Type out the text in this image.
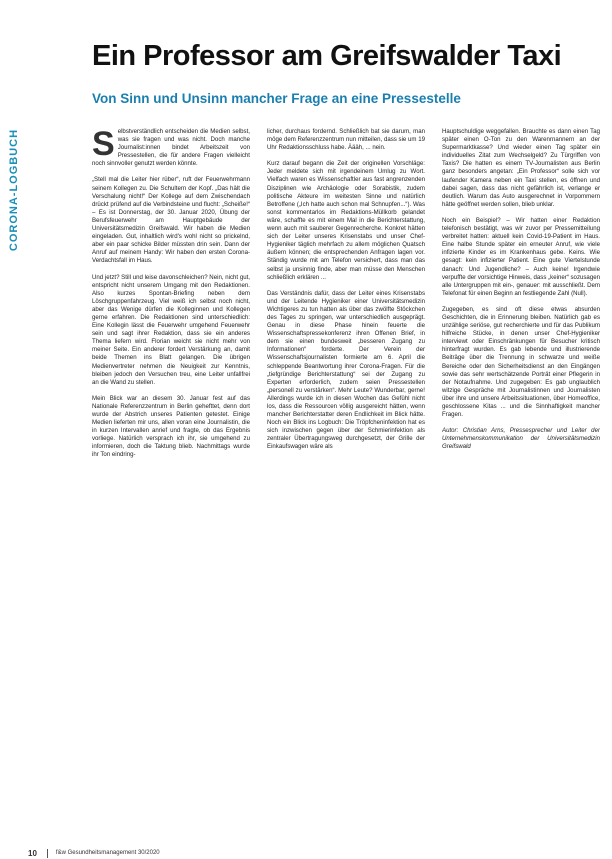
CORONA-LOGBUCH
Ein Professor am Greifswalder Taxi
Von Sinn und Unsinn mancher Frage an eine Pressestelle

Selbstverständlich entscheiden die Medien selbst, was sie fragen und was nicht. Doch manche Journalist:innen bindet Arbeitszeit von Pressestellen, die für andere Fragen vielleicht noch sinnvoller genutzt werden könnte.

„Stell mal die Leiter hier rüber“, ruft der Feuerwehrmann seinem Kollegen zu. Die Schultern der Kopf. „Das hält die Verschalung nicht!“ Der Kollege auf dem Zwischendach drückt prüfend auf die Verbindsteine und flucht: „Scheiße!“ – Es ist Donnerstag, der 30. Januar 2020, Übung der Berufsfeuerwehr am Hauptgebäude der Universitätsmedizin Greifswald. Wir haben die Medien eingeladen. Gut, inhaltlich wird's wohl nicht so prickelnd, aber ein paar schicke Bilder müssten drin sein. Dann der Anruf auf meinem Handy: Wir haben den ersten Corona-Verdachtsfall im Haus.

Und jetzt? Still und leise davonschleichen? Nein, nicht gut, entspricht nicht unserem Umgang mit den Redaktionen. Also kurzes Spontan-Briefing neben dem Löschgruppenfahrzeug. Viel weiß ich selbst noch nicht, aber das Wenige dürfen die Kolleginnen und Kollegen gerne erfahren. Die Redaktionen sind unterschiedlich: Eine Kollegin lässt die Feuerwehr umgehend Feuerwehr sein und sagt ihrer Redaktion, dass sie ein anderes Thema liefern wird. Florian weicht sie nicht mehr von meiner Seite. Ein anderer fordert Verstärkung an, damit beide Themen ins Blatt gelangen. Die übrigen Medienvertreter nehmen die Neuigkeit zur Kenntnis, bleiben jedoch den Versuchen treu, eine Leiter unfallfrei an die Wand zu stellen.

Mein Blick war an diesem 30. Januar fest auf das Nationale Referenzzentrum in Berlin gehefttet, denn dort wurde der Abstrich unseres Patienten getestet. Einige Medien lieferten mir uns, allen voran eine Journalistin, die in kurzen Intervallen anrief und fragte, ob das Ergebnis vorliege. Natürlich versprach ich ihr, sie umgehend zu informieren, doch die Taktung blieb. Nachmittags wurde ihr Ton eindring-

licher, durchaus fordernd. Schließlich bat sie darum, man möge dem Referenzzentrum nun mitteilen, dass sie um 19 Uhr Redaktionsschluss habe. Äääh, ... nein.

Kurz darauf begann die Zeit der originellen Vorschläge: Jeder meldete sich mit irgendeinem Umlug zu Wort. Vielfach waren es Wissenschaftler aus fast angrenzenden Disziplinen wie Archäologie oder Sorabistik, zudem politische Akteure im weitesten Sinne und natürlich Betroffene („Ich hatte auch schon mal Schnupfen...“). Was sonst kommentarlos im Redaktions-Müllkorb gelandet wäre, schaffte es mit einem Mal in die Berichterstattung, wenn auch mit sauberer Gegenrecherche. Konkret hätten sich der Leiter unseres Krisenstabs und unser Chef-Hygieniker täglich mehrfach zu allem möglichen Quatsch äußern können; die entsprechenden Anfragen lagen vor. Ständig wurde mit am Telefon versichert, dass man das selbst ja unsinnig finde, aber man müsse den Menschen schließlich erklären ...

Das Verständnis dafür, dass der Leiter eines Krisenstabs und der Leitende Hygieniker einer Universitätsmedizin Wichtigeres zu tun hatten als über das zwölfte Stöckchen des Tages zu springen, war unterschiedlich ausgeprägt. Genau in diese Phase hinein feuerte die Wissenschaftspressekonferenz ihren Offenen Brief, in dem sie einen bundesweit „besseren Zugang zu Informationen“ forderte. Der Verein der Wissenschaftsjournalisten formierte am 6. April die schleppende Beantwortung ihrer Corona-Fragen. Für die „tiefgründige Berichterstattung“ sei der Zugang zu Experten erforderlich, zudem seien Pressestellen „personell zu verstärken“. Mehr Leute? Wunderbar, gerne! Allerdings wurde ich in diesen Wochen das Gefühl nicht los, dass die Ressourcen völlig ausgereicht hätten, wenn mancher Berichterstatter deren Endlichkeit im Blick hätte. Noch ein Blick ins Logbuch: Die Tröpfcheninfektion hat es sich inzwischen gegen über der Schmierinfektion als zentraler Übertragungsweg durchgesetzt, der Grille der Einkaufswagen wäre als

Hauptschuldige weggefallen. Brauchte es dann einen Tag später einen O-Ton zu den Warenrnannern an der Supermarktkasse? Und wieder einen Tag später ein individuelles Zitat zum Wechselgeld? Zu Türgriffen von Taxis? Die hatten es einem TV-Journalisten aus Berlin ganz besonders angetan: „Ein Professor“ solle sich vor laufender Kamera neben ein Taxi stellen, es öffnen und dabei sagen, dass das nicht gefährlich ist, verlange er deutlich. Warum das Auto ausgerechnet in Vorpommern hätte geöffnet werden sollen, blieb unklar.

Noch ein Beispiel? – Wir hatten einer Redaktion telefonisch bestätigt, was wir zuvor per Pressemitteilung verbreitet hatten: aktuell kein Covid-19-Patient im Haus. Eine halbe Stunde später ein erneuter Anruf, wie viele infizierte Kinder es im Krankenhaus gebe. Keins. Wie gesagt: kein infizierter Patient. Eine gute Viertelstunde danach: Und Jugendliche? – Auch keine! Irgendwie verpuffte der vorsichtige Hinweis, dass „keiner“ sozusagen alle Untergruppen mit ein-, genauer: mit ausschließt. Dem Telefonat für einen Beginn an festliegende Zahl (Null).

Zugegeben, es sind oft diese etwas absurden Geschichten, die in Erinnerung bleiben. Natürlich gab es unzählige seriöse, gut recherchierte und für das Publikum hilfreiche Stücke, in denen unser Chef-Hygieniker interviewt oder Einschränkungen für Besucher kritisch hinterfragt wurden. Es gab lebende und illustrierende Beiträge über die Trennung in schwarze und weiße Bereiche oder den Sicherheitsdienst an den Eingängen sowie das sehr wertschätzende Porträt einer Pflegerin in der Notaufnahme. Und zugegeben: Es gab unglaublich witzige Gespräche mit Journalistinnen und Journalisten über ihre und unsere Arbeitssituationen, über Homeoffice, geschlossene Kitas ... und die Sinnhaftigkeit mancher Fragen.

Autor: Christian Arns, Pressesprecher und Leiter der Unternehmenskommunikation der Universitätsmedizin Greifswald

10	f&w Gesundheitsmanagement 30/2020
